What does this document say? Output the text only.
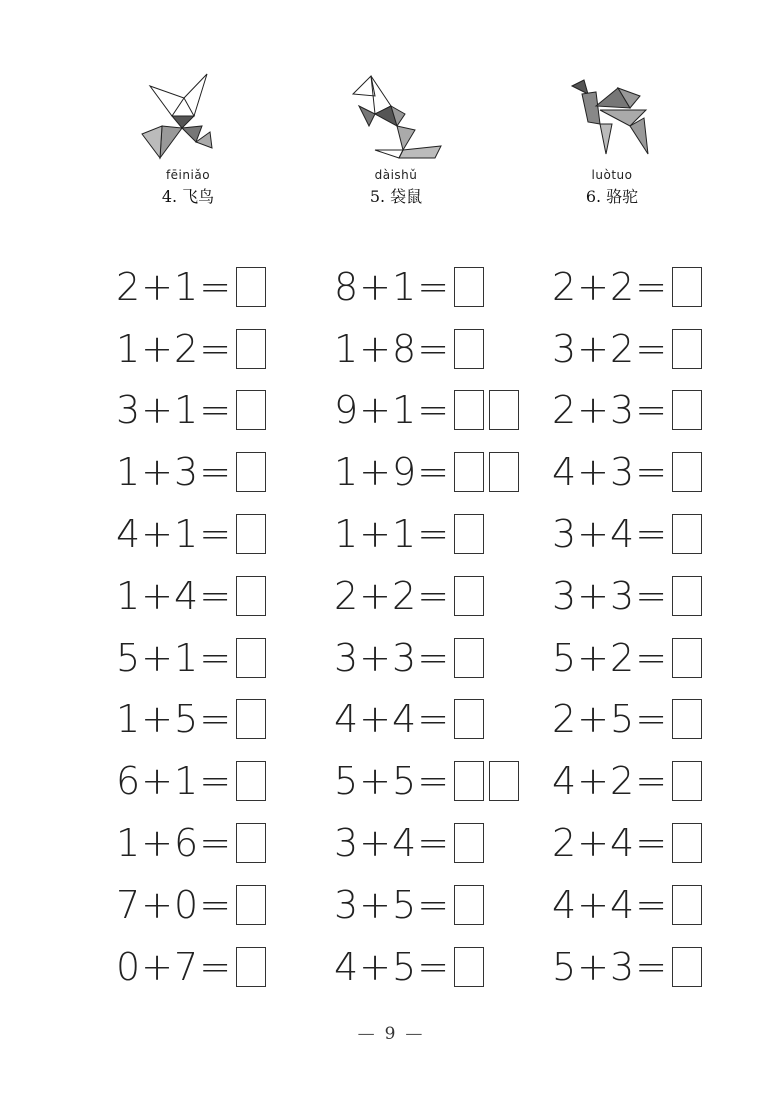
fēiniǎo
4. 飞鸟
dàishǔ
5. 袋鼠
luòtuo
6. 骆驼
2+1=
1+2=
3+1=
1+3=
4+1=
1+4=
5+1=
1+5=
6+1=
1+6=
7+0=
0+7=
8+1=
1+8=
9+1=
1+9=
1+1=
2+2=
3+3=
4+4=
5+5=
3+4=
3+5=
4+5=
2+2=
3+2=
2+3=
4+3=
3+4=
3+3=
5+2=
2+5=
4+2=
2+4=
4+4=
5+3=
— 9 —
